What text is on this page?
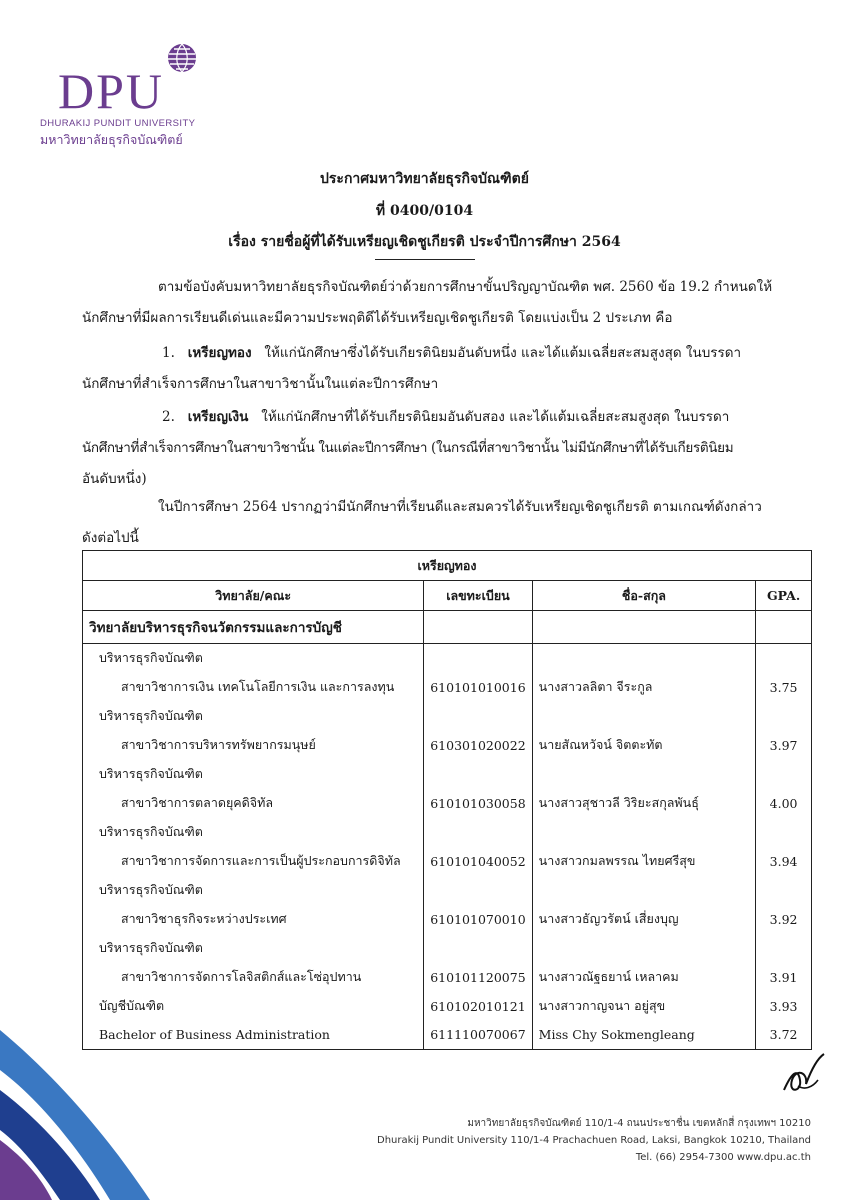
DPU
DHURAKIJ PUNDIT UNIVERSITY
มหาวิทยาลัยธุรกิจบัณฑิตย์
ประกาศมหาวิทยาลัยธุรกิจบัณฑิตย์
ที่ 0400/0104
เรื่อง รายชื่อผู้ที่ได้รับเหรียญเชิดชูเกียรติ ประจำปีการศึกษา 2564
ตามข้อบังคับมหาวิทยาลัยธุรกิจบัณฑิตย์ว่าด้วยการศึกษาขั้นปริญญาบัณฑิต พศ. 2560 ข้อ 19.2 กำหนดให้
นักศึกษาที่มีผลการเรียนดีเด่นและมีความประพฤติดีได้รับเหรียญเชิดชูเกียรติ โดยแบ่งเป็น 2 ประเภท คือ
1. เหรียญทอง ให้แก่นักศึกษาซึ่งได้รับเกียรตินิยมอันดับหนึ่ง และได้แต้มเฉลี่ยสะสมสูงสุด ในบรรดา
นักศึกษาที่สำเร็จการศึกษาในสาขาวิชานั้นในแต่ละปีการศึกษา
2. เหรียญเงิน ให้แก่นักศึกษาที่ได้รับเกียรตินิยมอันดับสอง และได้แต้มเฉลี่ยสะสมสูงสุด ในบรรดา
นักศึกษาที่สำเร็จการศึกษาในสาขาวิชานั้น ในแต่ละปีการศึกษา (ในกรณีที่สาขาวิชานั้น ไม่มีนักศึกษาที่ได้รับเกียรตินิยม
อันดับหนึ่ง)
ในปีการศึกษา 2564 ปรากฏว่ามีนักศึกษาที่เรียนดีและสมควรได้รับเหรียญเชิดชูเกียรติ ตามเกณฑ์ดังกล่าว
ดังต่อไปนี้
เหรียญทอง			
วิทยาลัย/คณะ	เลขทะเบียน	ชื่อ-สกุล	GPA.
วิทยาลัยบริหารธุรกิจนวัตกรรมและการบัญชี			
บริหารธุรกิจบัณฑิต			
สาขาวิชาการเงิน เทคโนโลยีการเงิน และการลงทุน	610101010016	นางสาวลลิตา จีระกูล	3.75
บริหารธุรกิจบัณฑิต			
สาขาวิชาการบริหารทรัพยากรมนุษย์	610301020022	นายสัณหวัจน์ จิตตะทัต	3.97
บริหารธุรกิจบัณฑิต			
สาขาวิชาการตลาดยุคดิจิทัล	610101030058	นางสาวสุชาวลี วิริยะสกุลพันธุ์	4.00
บริหารธุรกิจบัณฑิต			
สาขาวิชาการจัดการและการเป็นผู้ประกอบการดิจิทัล	610101040052	นางสาวกมลพรรณ ไทยศรีสุข	3.94
บริหารธุรกิจบัณฑิต			
สาขาวิชาธุรกิจระหว่างประเทศ	610101070010	นางสาวธัญวรัตน์ เสี่ยงบุญ	3.92
บริหารธุรกิจบัณฑิต			
สาขาวิชาการจัดการโลจิสติกส์และโซ่อุปทาน	610101120075	นางสาวณัฐธยาน์ เหลาคม	3.91
บัญชีบัณฑิต	610102010121	นางสาวกาญจนา อยู่สุข	3.93
Bachelor of Business Administration	611110070067	Miss Chy Sokmengleang	3.72
มหาวิทยาลัยธุรกิจบัณฑิตย์ 110/1-4 ถนนประชาชื่น เขตหลักสี่ กรุงเทพฯ 10210
Dhurakij Pundit University 110/1-4 Prachachuen Road, Laksi, Bangkok 10210, Thailand
Tel. (66) 2954-7300 www.dpu.ac.th
